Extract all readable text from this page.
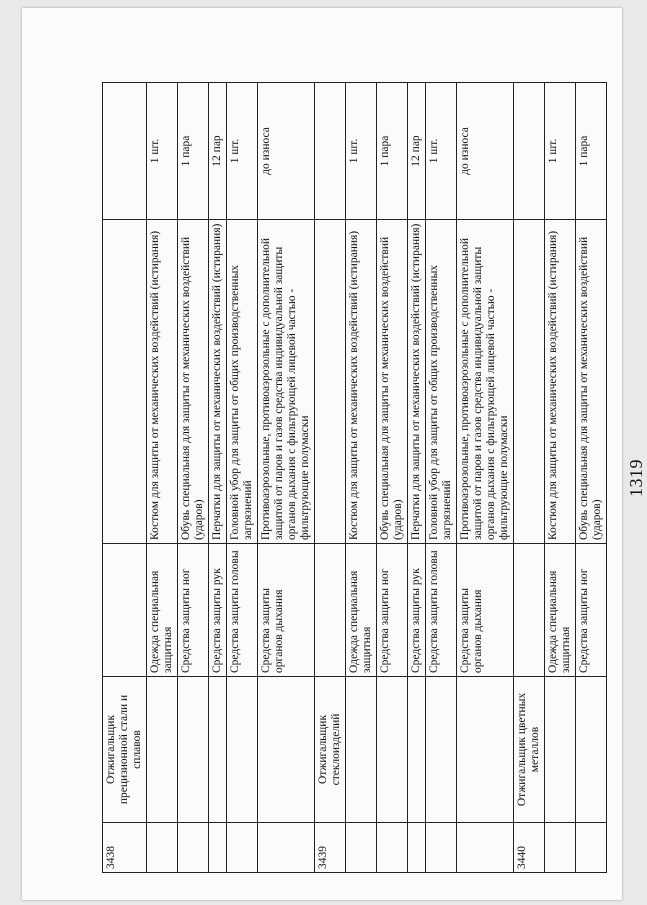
3438	Отжигальщик прецизионной стали и сплавов			
		Одежда специальная защитная	Костюм для защиты от механических воздействий (истирания)	1 шт.
		Средства защиты ног	Обувь специальная для защиты от механических воздействий (ударов)	1 пара
		Средства защиты рук	Перчатки для защиты от механических воздействий (истирания)	12 пар
		Средства защиты головы	Головной убор для защиты от общих производственных загрязнений	1 шт.
		Средства защиты органов дыхания	Противоаэрозольные, противоаэрозольные с дополнительной защитой от паров и газов средства индивидуальной защиты органов дыхания с фильтрующей лицевой частью - фильтрующие полумаски	до износа
3439	Отжигальщик стеклоизделий			
		Одежда специальная защитная	Костюм для защиты от механических воздействий (истирания)	1 шт.
		Средства защиты ног	Обувь специальная для защиты от механических воздействий (ударов)	1 пара
		Средства защиты рук	Перчатки для защиты от механических воздействий (истирания)	12 пар
		Средства защиты головы	Головной убор для защиты от общих производственных загрязнений	1 шт.
		Средства защиты органов дыхания	Противоаэрозольные, противоаэрозольные с дополнительной защитой от паров и газов средства индивидуальной защиты органов дыхания с фильтрующей лицевой частью - фильтрующие полумаски	до износа
3440	Отжигальщик цветных металлов			
		Одежда специальная защитная	Костюм для защиты от механических воздействий (истирания)	1 шт.
		Средства защиты ног	Обувь специальная для защиты от механических воздействий (ударов)	1 пара
1319
